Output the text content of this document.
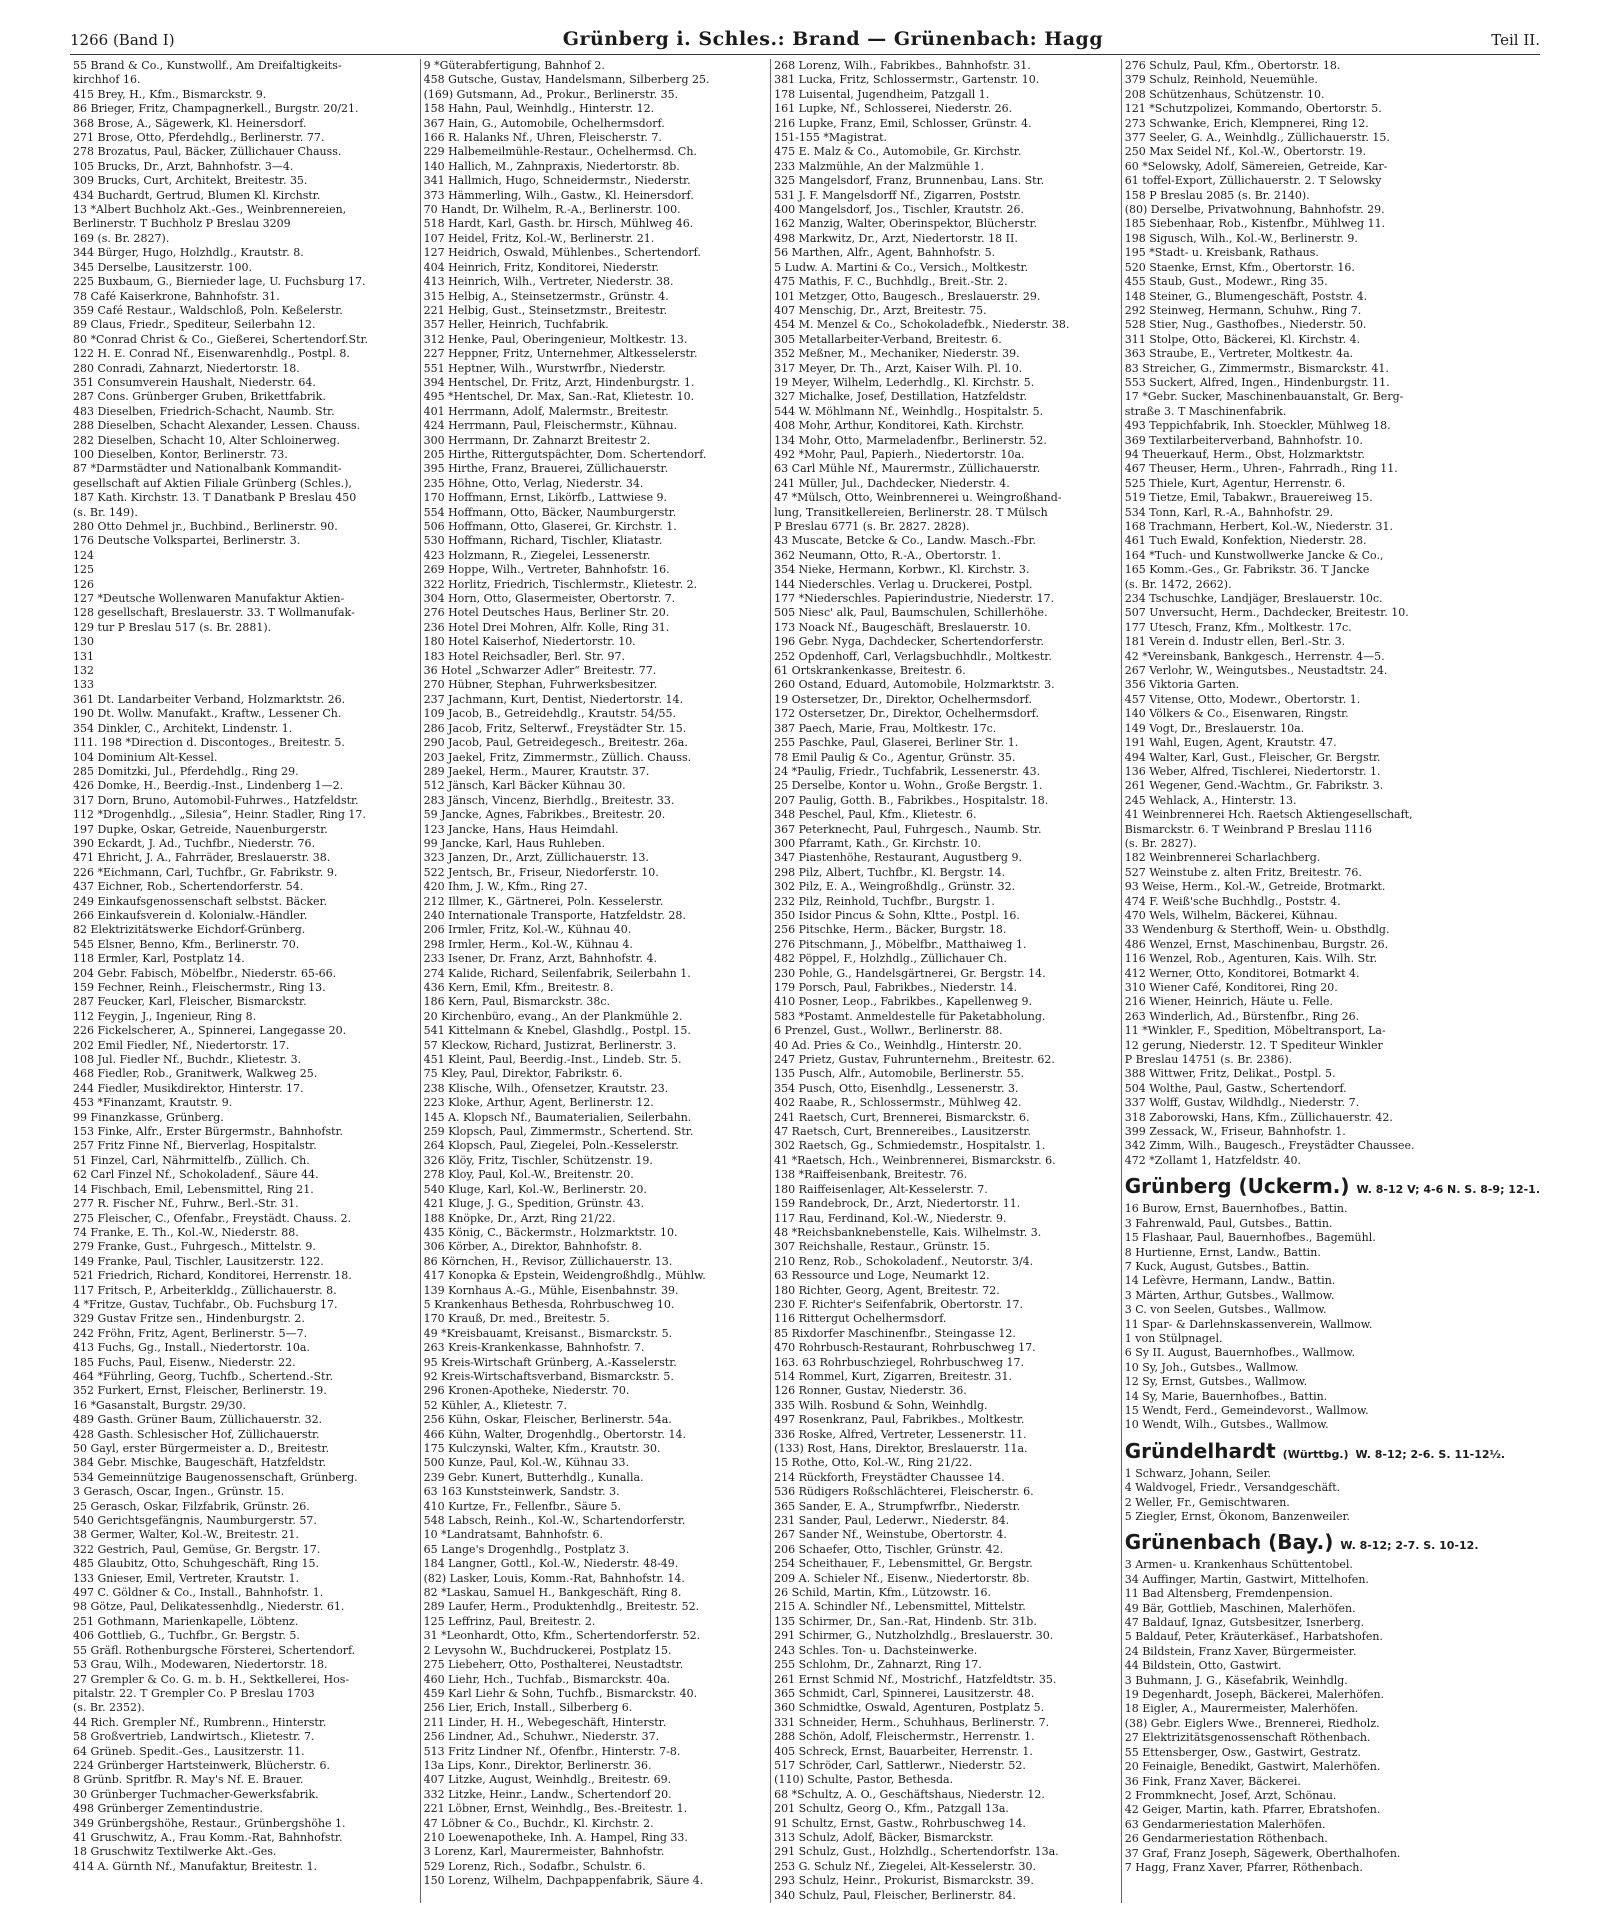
1266 (Band I)	Grünberg i. Schles.: Brand — Grünenbach: Hagg	Teil II.
55 Brand & Co., Kunstwollf., Am Dreifaltigkeits-
kirchhof 16.
415 Brey, H., Kfm., Bismarckstr. 9.
86 Brieger, Fritz, Champagnerkell., Burgstr. 20/21.
368 Brose, A., Sägewerk, Kl. Heinersdorf.
271 Brose, Otto, Pferdehdlg., Berlinerstr. 77.
278 Brozatus, Paul, Bäcker, Züllichauer Chauss.
105 Brucks, Dr., Arzt, Bahnhofstr. 3—4.
309 Brucks, Curt, Architekt, Breitestr. 35.
434 Buchardt, Gertrud, Blumen Kl. Kirchstr.
13 *Albert Buchholz Akt.-Ges., Weinbrennereien,
Berlinerstr. T Buchholz P Breslau 3209
169 (s. Br. 2827).
344 Bürger, Hugo, Holzhdlg., Krautstr. 8.
345 Derselbe, Lausitzerstr. 100.
225 Buxbaum, G., Biernieder lage, U. Fuchsburg 17.
78 Café Kaiserkrone, Bahnhofstr. 31.
359 Café Restaur., Waldschloß, Poln. Keßelerstr.
89 Claus, Friedr., Spediteur, Seilerbahn 12.
80 *Conrad Christ & Co., Gießerei, Schertendorf.Str.
122 H. E. Conrad Nf., Eisenwarenhdlg., Postpl. 8.
280 Conradi, Zahnarzt, Niedertorstr. 18.
351 Consumverein Haushalt, Niederstr. 64.
287 Cons. Grünberger Gruben, Brikettfabrik.
483 Dieselben, Friedrich-Schacht, Naumb. Str.
288 Dieselben, Schacht Alexander, Lessen. Chauss.
282 Dieselben, Schacht 10, Alter Schloinerweg.
100 Dieselben, Kontor, Berlinerstr. 73.
87 *Darmstädter und Nationalbank Kommandit-
gesellschaft auf Aktien Filiale Grünberg (Schles.),
187 Kath. Kirchstr. 13. T Danatbank P Breslau 450
(s. Br. 149).
280 Otto Dehmel jr., Buchbind., Berlinerstr. 90.
176 Deutsche Volkspartei, Berlinerstr. 3.
124
125
126
127 *Deutsche Wollenwaren Manufaktur Aktien-
128 gesellschaft, Breslauerstr. 33. T Wollmanufak-
129 tur P Breslau 517 (s. Br. 2881).
130
131
132
133
361 Dt. Landarbeiter Verband, Holzmarktstr. 26.
190 Dt. Wollw. Manufakt., Kraftw., Lessener Ch.
354 Dinkler, C., Architekt, Lindenstr. 1.
111. 198 *Direction d. Discontoges., Breitestr. 5.
104 Dominium Alt-Kessel.
285 Domitzki, Jul., Pferdehdlg., Ring 29.
426 Domke, H., Beerdig.-Inst., Lindenberg 1—2.
317 Dorn, Bruno, Automobil-Fuhrwes., Hatzfeldstr.
112 *Drogenhdlg., „Silesia“, Heinr. Stadler, Ring 17.
197 Dupke, Oskar, Getreide, Nauenburgerstr.
390 Eckardt, J. Ad., Tuchfbr., Niederstr. 76.
471 Ehricht, J. A., Fahrräder, Breslauerstr. 38.
226 *Eichmann, Carl, Tuchfbr., Gr. Fabrikstr. 9.
437 Eichner, Rob., Schertendorferstr. 54.
249 Einkaufsgenossenschaft selbstst. Bäcker.
266 Einkaufsverein d. Kolonialw.-Händler.
82 Elektrizitätswerke Eichdorf-Grünberg.
545 Elsner, Benno, Kfm., Berlinerstr. 70.
118 Ermler, Karl, Postplatz 14.
204 Gebr. Fabisch, Möbelfbr., Niederstr. 65-66.
159 Fechner, Reinh., Fleischermstr., Ring 13.
287 Feucker, Karl, Fleischer, Bismarckstr.
112 Feygin, J., Ingenieur, Ring 8.
226 Fickelscherer, A., Spinnerei, Langegasse 20.
202 Emil Fiedler, Nf., Niedertorstr. 17.
108 Jul. Fiedler Nf., Buchdr., Klietestr. 3.
468 Fiedler, Rob., Granitwerk, Walkweg 25.
244 Fiedler, Musikdirektor, Hinterstr. 17.
453 *Finanzamt, Krautstr. 9.
99 Finanzkasse, Grünberg.
153 Finke, Alfr., Erster Bürgermstr., Bahnhofstr.
257 Fritz Finne Nf., Bierverlag, Hospitalstr.
51 Finzel, Carl, Nährmittelfb., Züllich. Ch.
62 Carl Finzel Nf., Schokoladenf., Säure 44.
14 Fischbach, Emil, Lebensmittel, Ring 21.
277 R. Fischer Nf., Fuhrw., Berl.-Str. 31.
275 Fleischer, C., Ofenfabr., Freystädt. Chauss. 2.
74 Franke, E. Th., Kol.-W., Niederstr. 88.
279 Franke, Gust., Fuhrgesch., Mittelstr. 9.
149 Franke, Paul, Tischler, Lausitzerstr. 122.
521 Friedrich, Richard, Konditorei, Herrenstr. 18.
117 Fritsch, P., Arbeiterkldg., Züllichauerstr. 8.
4 *Fritze, Gustav, Tuchfabr., Ob. Fuchsburg 17.
329 Gustav Fritze sen., Hindenburgstr. 2.
242 Fröhn, Fritz, Agent, Berlinerstr. 5—7.
413 Fuchs, Gg., Install., Niedertorstr. 10a.
185 Fuchs, Paul, Eisenw., Niederstr. 22.
464 *Führling, Georg, Tuchfb., Schertend.-Str.
352 Furkert, Ernst, Fleischer, Berlinerstr. 19.
16 *Gasanstalt, Burgstr. 29/30.
489 Gasth. Grüner Baum, Züllichauerstr. 32.
428 Gasth. Schlesischer Hof, Züllichauerstr.
50 Gayl, erster Bürgermeister a. D., Breitestr.
384 Gebr. Mischke, Baugeschäft, Hatzfeldstr.
534 Gemeinnützige Baugenossenschaft, Grünberg.
3 Gerasch, Oscar, Ingen., Grünstr. 15.
25 Gerasch, Oskar, Filzfabrik, Grünstr. 26.
540 Gerichtsgefängnis, Naumburgerstr. 57.
38 Germer, Walter, Kol.-W., Breitestr. 21.
322 Gestrich, Paul, Gemüse, Gr. Bergstr. 17.
485 Glaubitz, Otto, Schuhgeschäft, Ring 15.
133 Gnieser, Emil, Vertreter, Krautstr. 1.
497 C. Göldner & Co., Install., Bahnhofstr. 1.
98 Götze, Paul, Delikatessenhdlg., Niederstr. 61.
251 Gothmann, Marienkapelle, Löbtenz.
406 Gottlieb, G., Tuchfbr., Gr. Bergstr. 5.
55 Gräfl. Rothenburgsche Försterei, Schertendorf.
53 Grau, Wilh., Modewaren, Niedertorstr. 18.
27 Grempler & Co. G. m. b. H., Sektkellerei, Hos-
pitalstr. 22. T Grempler Co. P Breslau 1703
(s. Br. 2352).
44 Rich. Grempler Nf., Rumbrenn., Hinterstr.
58 Großvertrieb, Landwirtsch., Klietestr. 7.
64 Grüneb. Spedit.-Ges., Lausitzerstr. 11.
224 Grünberger Hartsteinwerk, Blücherstr. 6.
8 Grünb. Spritfbr. R. May's Nf. E. Brauer.
30 Grünberger Tuchmacher-Gewerksfabrik.
498 Grünberger Zementindustrie.
349 Grünbergshöhe, Restaur., Grünbergshöhe 1.
41 Gruschwitz, A., Frau Komm.-Rat, Bahnhofstr.
18 Gruschwitz Textilwerke Akt.-Ges.
414 A. Gürnth Nf., Manufaktur, Breitestr. 1.
9 *Güterabfertigung, Bahnhof 2.
458 Gutsche, Gustav, Handelsmann, Silberberg 25.
(169) Gutsmann, Ad., Prokur., Berlinerstr. 35.
158 Hahn, Paul, Weinhdlg., Hinterstr. 12.
367 Hain, G., Automobile, Ochelhermsdorf.
166 R. Halanks Nf., Uhren, Fleischerstr. 7.
229 Halbemeilmühle-Restaur., Ochelhermsd. Ch.
140 Hallich, M., Zahnpraxis, Niedertorstr. 8b.
341 Hallmich, Hugo, Schneidermstr., Niederstr.
373 Hämmerling, Wilh., Gastw., Kl. Heinersdorf.
70 Handt, Dr. Wilhelm, R.-A., Berlinerstr. 100.
518 Hardt, Karl, Gasth. br. Hirsch, Mühlweg 46.
107 Heidel, Fritz, Kol.-W., Berlinerstr. 21.
127 Heidrich, Oswald, Mühlenbes., Schertendorf.
404 Heinrich, Fritz, Konditorei, Niederstr.
413 Heinrich, Wilh., Vertreter, Niederstr. 38.
315 Helbig, A., Steinsetzermstr., Grünstr. 4.
221 Helbig, Gust., Steinsetzmstr., Breitestr.
357 Heller, Heinrich, Tuchfabrik.
312 Henke, Paul, Oberingenieur, Moltkestr. 13.
227 Heppner, Fritz, Unternehmer, Altkesselerstr.
551 Heptner, Wilh., Wurstwrfbr., Niederstr.
394 Hentschel, Dr. Fritz, Arzt, Hindenburgstr. 1.
495 *Hentschel, Dr. Max, San.-Rat, Klietestr. 10.
401 Herrmann, Adolf, Malermstr., Breitestr.
424 Herrmann, Paul, Fleischermstr., Kühnau.
300 Herrmann, Dr. Zahnarzt Breitestr 2.
205 Hirthe, Rittergutspächter, Dom. Schertendorf.
395 Hirthe, Franz, Brauerei, Züllichauerstr.
235 Höhne, Otto, Verlag, Niederstr. 34.
170 Hoffmann, Ernst, Likörfb., Lattwiese 9.
554 Hoffmann, Otto, Bäcker, Naumburgerstr.
506 Hoffmann, Otto, Glaserei, Gr. Kirchstr. 1.
530 Hoffmann, Richard, Tischler, Kliatastr.
423 Holzmann, R., Ziegelei, Lessenerstr.
269 Hoppe, Wilh., Vertreter, Bahnhofstr. 16.
322 Horlitz, Friedrich, Tischlermstr., Klietestr. 2.
304 Horn, Otto, Glasermeister, Obertorstr. 7.
276 Hotel Deutsches Haus, Berliner Str. 20.
236 Hotel Drei Mohren, Alfr. Kolle, Ring 31.
180 Hotel Kaiserhof, Niedertorstr. 10.
183 Hotel Reichsadler, Berl. Str. 97.
36 Hotel „Schwarzer Adler“ Breitestr. 77.
270 Hübner, Stephan, Fuhrwerksbesitzer.
237 Jachmann, Kurt, Dentist, Niedertorstr. 14.
109 Jacob, B., Getreidehdlg., Krautstr. 54/55.
286 Jacob, Fritz, Selterwf., Freystädter Str. 15.
290 Jacob, Paul, Getreidegesch., Breitestr. 26a.
203 Jaekel, Fritz, Zimmermstr., Züllich. Chauss.
289 Jaekel, Herm., Maurer, Krautstr. 37.
512 Jänsch, Karl Bäcker Kühnau 30.
283 Jänsch, Vincenz, Bierhdlg., Breitestr. 33.
59 Jancke, Agnes, Fabrikbes., Breitestr. 20.
123 Jancke, Hans, Haus Heimdahl.
99 Jancke, Karl, Haus Ruhleben.
323 Janzen, Dr., Arzt, Züllichauerstr. 13.
522 Jentsch, Br., Friseur, Niedorferstr. 10.
420 Ihm, J. W., Kfm., Ring 27.
212 Illmer, K., Gärtnerei, Poln. Kesselerstr.
240 Internationale Transporte, Hatzfeldstr. 28.
206 Irmler, Fritz, Kol.-W., Kühnau 40.
298 Irmler, Herm., Kol.-W., Kühnau 4.
233 Isener, Dr. Franz, Arzt, Bahnhofstr. 4.
274 Kalide, Richard, Seilenfabrik, Seilerbahn 1.
436 Kern, Emil, Kfm., Breitestr. 8.
186 Kern, Paul, Bismarckstr. 38c.
20 Kirchenbüro, evang., An der Plankmühle 2.
541 Kittelmann & Knebel, Glashdlg., Postpl. 15.
57 Kleckow, Richard, Justizrat, Berlinerstr. 3.
451 Kleint, Paul, Beerdig.-Inst., Lindeb. Str. 5.
75 Kley, Paul, Direktor, Fabrikstr. 6.
238 Klische, Wilh., Ofensetzer, Krautstr. 23.
223 Kloke, Arthur, Agent, Berlinerstr. 12.
145 A. Klopsch Nf., Baumaterialien, Seilerbahn.
259 Klopsch, Paul, Zimmermstr., Schertend. Str.
264 Klopsch, Paul, Ziegelei, Poln.-Kesselerstr.
326 Klöy, Fritz, Tischler, Schützenstr. 19.
278 Kloy, Paul, Kol.-W., Breitenstr. 20.
540 Kluge, Karl, Kol.-W., Berlinerstr. 20.
421 Kluge, J. G., Spedition, Grünstr. 43.
188 Knöpke, Dr., Arzt, Ring 21/22.
435 König, C., Bäckermstr., Holzmarktstr. 10.
306 Körber, A., Direktor, Bahnhofstr. 8.
86 Körnchen, H., Revisor, Züllichauerstr. 13.
417 Konopka & Epstein, Weidengroßhdlg., Mühlw.
139 Kornhaus A.-G., Mühle, Eisenbahnstr. 39.
5 Krankenhaus Bethesda, Rohrbuschweg 10.
170 Krauß, Dr. med., Breitestr. 5.
49 *Kreisbauamt, Kreisanst., Bismarckstr. 5.
263 Kreis-Krankenkasse, Bahnhofstr. 7.
95 Kreis-Wirtschaft Grünberg, A.-Kasselerstr.
92 Kreis-Wirtschaftsverband, Bismarckstr. 5.
296 Kronen-Apotheke, Niederstr. 70.
52 Kühler, A., Klietestr. 7.
256 Kühn, Oskar, Fleischer, Berlinerstr. 54a.
466 Kühn, Walter, Drogenhdlg., Obertorstr. 14.
175 Kulczynski, Walter, Kfm., Krautstr. 30.
500 Kunze, Paul, Kol.-W., Kühnau 33.
239 Gebr. Kunert, Butterhdlg., Kunalla.
63 163 Kunststeinwerk, Sandstr. 3.
410 Kurtze, Fr., Fellenfbr., Säure 5.
548 Labsch, Reinh., Kol.-W., Schartendorferstr.
10 *Landratsamt, Bahnhofstr. 6.
65 Lange's Drogenhdlg., Postplatz 3.
184 Langner, Gottl., Kol.-W., Niederstr. 48-49.
(82) Lasker, Louis, Komm.-Rat, Bahnhofstr. 14.
82 *Laskau, Samuel H., Bankgeschäft, Ring 8.
289 Laufer, Herm., Produktenhdlg., Breitestr. 52.
125 Leffrinz, Paul, Breitestr. 2.
31 *Leonhardt, Otto, Kfm., Schertendorferstr. 52.
2 Levysohn W., Buchdruckerei, Postplatz 15.
275 Liebeherr, Otto, Posthalterei, Neustadtstr.
460 Liehr, Hch., Tuchfab., Bismarckstr. 40a.
459 Karl Liehr & Sohn, Tuchfb., Bismarckstr. 40.
256 Lier, Erich, Install., Silberberg 6.
211 Linder, H. H., Webegeschäft, Hinterstr.
256 Lindner, Ad., Schuhwr., Niederstr. 37.
513 Fritz Lindner Nf., Ofenfbr., Hinterstr. 7-8.
13a Lips, Konr., Direktor, Berlinerstr. 36.
407 Litzke, August, Weinhdlg., Breitestr. 69.
332 Litzke, Heinr., Landw., Schertendorf 20.
221 Löbner, Ernst, Weinhdlg., Bes.-Breitestr. 1.
47 Löbner & Co., Buchdr., Kl. Kirchstr. 2.
210 Loewenapotheke, Inh. A. Hampel, Ring 33.
3 Lorenz, Karl, Maurermeister, Bahnhofstr.
529 Lorenz, Rich., Sodafbr., Schulstr. 6.
150 Lorenz, Wilhelm, Dachpappenfabrik, Säure 4.
268 Lorenz, Wilh., Fabrikbes., Bahnhofstr. 31.
381 Lucka, Fritz, Schlossermstr., Gartenstr. 10.
178 Luisental, Jugendheim, Patzgall 1.
161 Lupke, Nf., Schlosserei, Niederstr. 26.
216 Lupke, Franz, Emil, Schlosser, Grünstr. 4.
151-155 *Magistrat.
475 E. Malz & Co., Automobile, Gr. Kirchstr.
233 Malzmühle, An der Malzmühle 1.
325 Mangelsdorf, Franz, Brunnenbau, Lans. Str.
531 J. F. Mangelsdorff Nf., Zigarren, Poststr.
400 Mangelsdorf, Jos., Tischler, Krautstr. 26.
162 Manzig, Walter, Oberinspektor, Blücherstr.
498 Markwitz, Dr., Arzt, Niedertorstr. 18 II.
56 Marthen, Alfr., Agent, Bahnhofstr. 5.
5 Ludw. A. Martini & Co., Versich., Moltkestr.
475 Mathis, F. C., Buchhdlg., Breit.-Str. 2.
101 Metzger, Otto, Baugesch., Breslauerstr. 29.
407 Menschig, Dr., Arzt, Breitestr. 75.
454 M. Menzel & Co., Schokoladefbk., Niederstr. 38.
305 Metallarbeiter-Verband, Breitestr. 6.
352 Meßner, M., Mechaniker, Niederstr. 39.
317 Meyer, Dr. Th., Arzt, Kaiser Wilh. Pl. 10.
19 Meyer, Wilhelm, Lederhdlg., Kl. Kirchstr. 5.
327 Michalke, Josef, Destillation, Hatzfeldstr.
544 W. Möhlmann Nf., Weinhdlg., Hospitalstr. 5.
408 Mohr, Arthur, Konditorei, Kath. Kirchstr.
134 Mohr, Otto, Marmeladenfbr., Berlinerstr. 52.
492 *Mohr, Paul, Papierh., Niedertorstr. 10a.
63 Carl Mühle Nf., Maurermstr., Züllichauerstr.
241 Müller, Jul., Dachdecker, Niederstr. 4.
47 *Mülsch, Otto, Weinbrennerei u. Weingroßhand-
lung, Transitkellereien, Berlinerstr. 28. T Mülsch
P Breslau 6771 (s. Br. 2827. 2828).
43 Muscate, Betcke & Co., Landw. Masch.-Fbr.
362 Neumann, Otto, R.-A., Obertorstr. 1.
354 Nieke, Hermann, Korbwr., Kl. Kirchstr. 3.
144 Niederschles. Verlag u. Druckerei, Postpl.
177 *Niederschles. Papierindustrie, Niederstr. 17.
505 Niesc' alk, Paul, Baumschulen, Schillerhöhe.
173 Noack Nf., Baugeschäft, Breslauerstr. 10.
196 Gebr. Nyga, Dachdecker, Schertendorferstr.
252 Opdenhoff, Carl, Verlagsbuchhdlr., Moltkestr.
61 Ortskrankenkasse, Breitestr. 6.
260 Ostand, Eduard, Automobile, Holzmarktstr. 3.
19 Ostersetzer, Dr., Direktor, Ochelhermsdorf.
172 Ostersetzer, Dr., Direktor, Ochelhermsdorf.
387 Paech, Marie, Frau, Moltkestr. 17c.
255 Paschke, Paul, Glaserei, Berliner Str. 1.
78 Emil Paulig & Co., Agentur, Grünstr. 35.
24 *Paulig, Friedr., Tuchfabrik, Lessenerstr. 43.
25 Derselbe, Kontor u. Wohn., Große Bergstr. 1.
207 Paulig, Gotth. B., Fabrikbes., Hospitalstr. 18.
348 Peschel, Paul, Kfm., Klietestr. 6.
367 Peterknecht, Paul, Fuhrgesch., Naumb. Str.
300 Pfarramt, Kath., Gr. Kirchstr. 10.
347 Piastenhöhe, Restaurant, Augustberg 9.
298 Pilz, Albert, Tuchfbr., Kl. Bergstr. 14.
302 Pilz, E. A., Weingroßhdlg., Grünstr. 32.
232 Pilz, Reinhold, Tuchfbr., Burgstr. 1.
350 Isidor Pincus & Sohn, Kltte., Postpl. 16.
256 Pitschke, Herm., Bäcker, Burgstr. 18.
276 Pitschmann, J., Möbelfbr., Matthaiweg 1.
482 Pöppel, F., Holzhdlg., Züllichauer Ch.
230 Pohle, G., Handelsgärtnerei, Gr. Bergstr. 14.
179 Porsch, Paul, Fabrikbes., Niederstr. 14.
410 Posner, Leop., Fabrikbes., Kapellenweg 9.
583 *Postamt. Anmeldestelle für Paketabholung.
6 Prenzel, Gust., Wollwr., Berlinerstr. 88.
40 Ad. Pries & Co., Weinhdlg., Hinterstr. 20.
247 Prietz, Gustav, Fuhrunternehm., Breitestr. 62.
135 Pusch, Alfr., Automobile, Berlinerstr. 55.
354 Pusch, Otto, Eisenhdlg., Lessenerstr. 3.
402 Raabe, R., Schlossermstr., Mühlweg 42.
241 Raetsch, Curt, Brennerei, Bismarckstr. 6.
47 Raetsch, Curt, Brennereibes., Lausitzerstr.
302 Raetsch, Gg., Schmiedemstr., Hospitalstr. 1.
41 *Raetsch, Hch., Weinbrennerei, Bismarckstr. 6.
138 *Raiffeisenbank, Breitestr. 76.
180 Raiffeisenlager, Alt-Kesselerstr. 7.
159 Randebrock, Dr., Arzt, Niedertorstr. 11.
117 Rau, Ferdinand, Kol.-W., Niederstr. 9.
48 *Reichsbanknebenstelle, Kais. Wilhelmstr. 3.
307 Reichshalle, Restaur., Grünstr. 15.
210 Renz, Rob., Schokoladenf., Neutorstr. 3/4.
63 Ressource und Loge, Neumarkt 12.
180 Richter, Georg, Agent, Breitestr. 72.
230 F. Richter's Seifenfabrik, Obertorstr. 17.
116 Rittergut Ochelhermsdorf.
85 Rixdorfer Maschinenfbr., Steingasse 12.
470 Rohrbusch-Restaurant, Rohrbuschweg 17.
163. 63 Rohrbuschziegel, Rohrbuschweg 17.
514 Rommel, Kurt, Zigarren, Breitestr. 31.
126 Ronner, Gustav, Niederstr. 36.
335 Wilh. Rosbund & Sohn, Weinhdlg.
497 Rosenkranz, Paul, Fabrikbes., Moltkestr.
336 Roske, Alfred, Vertreter, Lessenerstr. 11.
(133) Rost, Hans, Direktor, Breslauerstr. 11a.
15 Rothe, Otto, Kol.-W., Ring 21/22.
214 Rückforth, Freystädter Chaussee 14.
536 Rüdigers Roßschlächterei, Fleischerstr. 6.
365 Sander, E. A., Strumpfwrfbr., Niederstr.
231 Sander, Paul, Lederwr., Niederstr. 84.
267 Sander Nf., Weinstube, Obertorstr. 4.
206 Schaefer, Otto, Tischler, Grünstr. 42.
254 Scheithauer, F., Lebensmittel, Gr. Bergstr.
209 A. Schieler Nf., Eisenw., Niedertorstr. 8b.
26 Schild, Martin, Kfm., Lützowstr. 16.
215 A. Schindler Nf., Lebensmittel, Mittelstr.
135 Schirmer, Dr., San.-Rat, Hindenb. Str. 31b.
291 Schirmer, G., Nutzholzhdlg., Breslauerstr. 30.
243 Schles. Ton- u. Dachsteinwerke.
255 Schlohm, Dr., Zahnarzt, Ring 17.
261 Ernst Schmid Nf., Mostrichf., Hatzfeldtstr. 35.
365 Schmidt, Carl, Spinnerei, Lausitzerstr. 48.
360 Schmidtke, Oswald, Agenturen, Postplatz 5.
331 Schneider, Herm., Schuhhaus, Berlinerstr. 7.
288 Schön, Adolf, Fleischermstr., Herrenstr. 1.
405 Schreck, Ernst, Bauarbeiter, Herrenstr. 1.
517 Schröder, Carl, Sattlerwr., Niederstr. 52.
(110) Schulte, Pastor, Bethesda.
68 *Schultz, A. O., Geschäftshaus, Niederstr. 12.
201 Schultz, Georg O., Kfm., Patzgall 13a.
91 Schultz, Ernst, Gastw., Rohrbuschweg 14.
313 Schulz, Adolf, Bäcker, Bismarckstr.
291 Schulz, Gust., Holzhdlg., Schertendorfstr. 13a.
253 G. Schulz Nf., Ziegelei, Alt-Kesselerstr. 30.
293 Schulz, Heinr., Prokurist, Bismarckstr. 39.
340 Schulz, Paul, Fleischer, Berlinerstr. 84.
276 Schulz, Paul, Kfm., Obertorstr. 18.
379 Schulz, Reinhold, Neuemühle.
208 Schützenhaus, Schützenstr. 10.
121 *Schutzpolizei, Kommando, Obertorstr. 5.
273 Schwanke, Erich, Klempnerei, Ring 12.
377 Seeler, G. A., Weinhdlg., Züllichauerstr. 15.
250 Max Seidel Nf., Kol.-W., Obertorstr. 19.
60 *Selowsky, Adolf, Sämereien, Getreide, Kar-
61 toffel-Export, Züllichauerstr. 2. T Selowsky
158 P Breslau 2085 (s. Br. 2140).
(80) Derselbe, Privatwohnung, Bahnhofstr. 29.
185 Siebenhaar, Rob., Kistenfbr., Mühlweg 11.
198 Sigusch, Wilh., Kol.-W., Berlinerstr. 9.
195 *Stadt- u. Kreisbank, Rathaus.
520 Staenke, Ernst, Kfm., Obertorstr. 16.
455 Staub, Gust., Modewr., Ring 35.
148 Steiner, G., Blumengeschäft, Poststr. 4.
292 Steinweg, Hermann, Schuhw., Ring 7.
528 Stier, Nug., Gasthofbes., Niederstr. 50.
311 Stolpe, Otto, Bäckerei, Kl. Kirchstr. 4.
363 Straube, E., Vertreter, Moltkestr. 4a.
83 Streicher, G., Zimmermstr., Bismarckstr. 41.
553 Suckert, Alfred, Ingen., Hindenburgstr. 11.
17 *Gebr. Sucker, Maschinenbauanstalt, Gr. Berg-
straße 3. T Maschinenfabrik.
493 Teppichfabrik, Inh. Stoeckler, Mühlweg 18.
369 Textilarbeiterverband, Bahnhofstr. 10.
94 Theuerkauf, Herm., Obst, Holzmarktstr.
467 Theuser, Herm., Uhren-, Fahrradh., Ring 11.
525 Thiele, Kurt, Agentur, Herrenstr. 6.
519 Tietze, Emil, Tabakwr., Brauereiweg 15.
534 Tonn, Karl, R.-A., Bahnhofstr. 29.
168 Trachmann, Herbert, Kol.-W., Niederstr. 31.
461 Tuch Ewald, Konfektion, Niederstr. 28.
164 *Tuch- und Kunstwollwerke Jancke & Co.,
165 Komm.-Ges., Gr. Fabrikstr. 36. T Jancke
(s. Br. 1472, 2662).
234 Tschuschke, Landjäger, Breslauerstr. 10c.
507 Unversucht, Herm., Dachdecker, Breitestr. 10.
177 Utesch, Franz, Kfm., Moltkestr. 17c.
181 Verein d. Industr ellen, Berl.-Str. 3.
42 *Vereinsbank, Bankgesch., Herrenstr. 4—5.
267 Verlohr, W., Weingutsbes., Neustadtstr. 24.
356 Viktoria Garten.
457 Vitense, Otto, Modewr., Obertorstr. 1.
140 Völkers & Co., Eisenwaren, Ringstr.
149 Vogt, Dr., Breslauerstr. 10a.
191 Wahl, Eugen, Agent, Krautstr. 47.
494 Walter, Karl, Gust., Fleischer, Gr. Bergstr.
136 Weber, Alfred, Tischlerei, Niedertorstr. 1.
261 Wegener, Gend.-Wachtm., Gr. Fabrikstr. 3.
245 Wehlack, A., Hinterstr. 13.
41 Weinbrennerei Hch. Raetsch Aktiengesellschaft,
Bismarckstr. 6. T Weinbrand P Breslau 1116
(s. Br. 2827).
182 Weinbrennerei Scharlachberg.
527 Weinstube z. alten Fritz, Breitestr. 76.
93 Weise, Herm., Kol.-W., Getreide, Brotmarkt.
474 F. Weiß'sche Buchhdlg., Poststr. 4.
470 Wels, Wilhelm, Bäckerei, Kühnau.
33 Wendenburg & Sterthoff, Wein- u. Obsthdlg.
486 Wenzel, Ernst, Maschinenbau, Burgstr. 26.
116 Wenzel, Rob., Agenturen, Kais. Wilh. Str.
412 Werner, Otto, Konditorei, Botmarkt 4.
310 Wiener Café, Konditorei, Ring 20.
216 Wiener, Heinrich, Häute u. Felle.
263 Winderlich, Ad., Bürstenfbr., Ring 26.
11 *Winkler, F., Spedition, Möbeltransport, La-
12 gerung, Niederstr. 12. T Spediteur Winkler
P Breslau 14751 (s. Br. 2386).
388 Wittwer, Fritz, Delikat., Postpl. 5.
504 Wolthe, Paul, Gastw., Schertendorf.
337 Wolff, Gustav, Wildhdlg., Niederstr. 7.
318 Zaborowski, Hans, Kfm., Züllichauerstr. 42.
399 Zessack, W., Friseur, Bahnhofstr. 1.
342 Zimm, Wilh., Baugesch., Freystädter Chaussee.
472 *Zollamt 1, Hatzfeldstr. 40.
Grünberg (Uckerm.) W. 8-12 V; 4-6 N. S. 8-9; 12-1.
16 Burow, Ernst, Bauernhofbes., Battin.
3 Fahrenwald, Paul, Gutsbes., Battin.
15 Flashaar, Paul, Bauernhofbes., Bagemühl.
8 Hurtienne, Ernst, Landw., Battin.
7 Kuck, August, Gutsbes., Battin.
14 Lefèvre, Hermann, Landw., Battin.
3 Märten, Arthur, Gutsbes., Wallmow.
3 C. von Seelen, Gutsbes., Wallmow.
11 Spar- & Darlehnskassenverein, Wallmow.
1 von Stülpnagel.
6 Sy II. August, Bauernhofbes., Wallmow.
10 Sy, Joh., Gutsbes., Wallmow.
12 Sy, Ernst, Gutsbes., Wallmow.
14 Sy, Marie, Bauernhofbes., Battin.
15 Wendt, Ferd., Gemeindevorst., Wallmow.
10 Wendt, Wilh., Gutsbes., Wallmow.
Gründelhardt (Württbg.) W. 8-12; 2-6. S. 11-12½.
1 Schwarz, Johann, Seiler.
4 Waldvogel, Friedr., Versandgeschäft.
2 Weller, Fr., Gemischtwaren.
5 Ziegler, Ernst, Ökonom, Banzenweiler.
Grünenbach (Bay.) W. 8-12; 2-7. S. 10-12.
3 Armen- u. Krankenhaus Schüttentobel.
34 Auffinger, Martin, Gastwirt, Mittelhofen.
11 Bad Altensberg, Fremdenpension.
49 Bär, Gottlieb, Maschinen, Malerhöfen.
47 Baldauf, Ignaz, Gutsbesitzer, Isnerberg.
5 Baldauf, Peter, Kräuterkäsef., Harbatshofen.
24 Bildstein, Franz Xaver, Bürgermeister.
44 Bildstein, Otto, Gastwirt.
3 Buhmann, J. G., Käsefabrik, Weinhdlg.
19 Degenhardt, Joseph, Bäckerei, Malerhöfen.
18 Eigler, A., Maurermeister, Malerhöfen.
(38) Gebr. Eiglers Wwe., Brennerei, Riedholz.
27 Elektrizitätsgenossenschaft Röthenbach.
55 Ettensberger, Osw., Gastwirt, Gestratz.
20 Feinaigle, Benedikt, Gastwirt, Malerhöfen.
36 Fink, Franz Xaver, Bäckerei.
2 Frommknecht, Josef, Arzt, Schönau.
42 Geiger, Martin, kath. Pfarrer, Ebratshofen.
63 Gendarmeriestation Malerhöfen.
26 Gendarmeriestation Röthenbach.
37 Graf, Franz Joseph, Sägewerk, Oberthalhofen.
7 Hagg, Franz Xaver, Pfarrer, Röthenbach.
